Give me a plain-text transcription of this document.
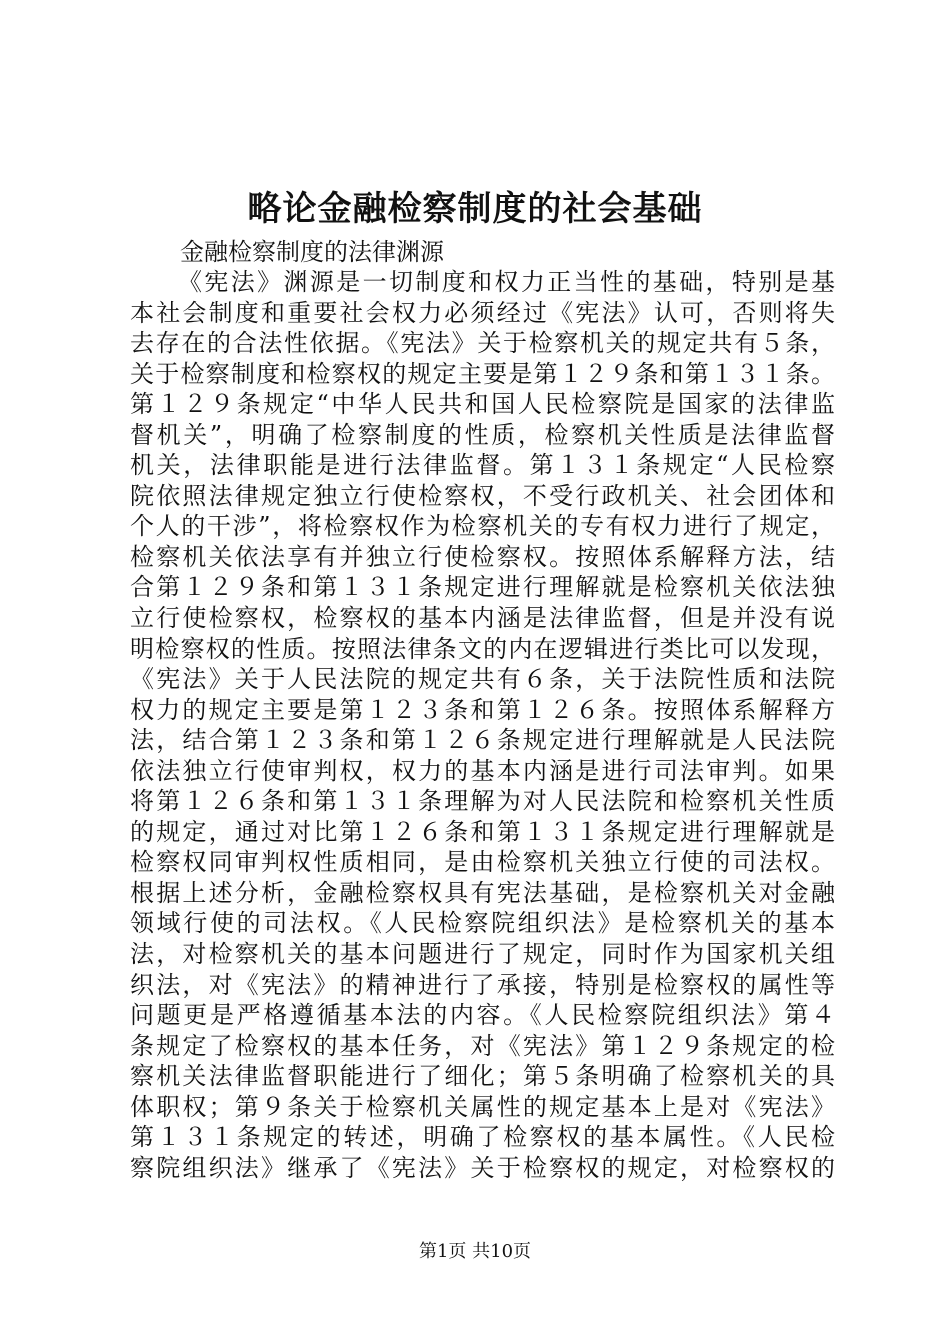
略论金融检察制度的社会基础
金融检察制度的法律渊源
《宪法》渊源是一切制度和权力正当性的基础，特别是基
本社会制度和重要社会权力必须经过《宪法》认可，否则将失
去存在的合法性依据。《宪法》关于检察机关的规定共有５条，
关于检察制度和检察权的规定主要是第１２９条和第１３１条。
第１２９条规定“中华人民共和国人民检察院是国家的法律监
督机关”，明确了检察制度的性质，检察机关性质是法律监督
机关，法律职能是进行法律监督。第１３１条规定“人民检察
院依照法律规定独立行使检察权，不受行政机关、社会团体和
个人的干涉”，将检察权作为检察机关的专有权力进行了规定，
检察机关依法享有并独立行使检察权。按照体系解释方法，结
合第１２９条和第１３１条规定进行理解就是检察机关依法独
立行使检察权，检察权的基本内涵是法律监督，但是并没有说
明检察权的性质。按照法律条文的内在逻辑进行类比可以发现，
《宪法》关于人民法院的规定共有６条，关于法院性质和法院
权力的规定主要是第１２３条和第１２６条。按照体系解释方
法，结合第１２３条和第１２６条规定进行理解就是人民法院
依法独立行使审判权，权力的基本内涵是进行司法审判。如果
将第１２６条和第１３１条理解为对人民法院和检察机关性质
的规定，通过对比第１２６条和第１３１条规定进行理解就是
检察权同审判权性质相同，是由检察机关独立行使的司法权。
根据上述分析，金融检察权具有宪法基础，是检察机关对金融
领域行使的司法权。《人民检察院组织法》是检察机关的基本
法，对检察机关的基本问题进行了规定，同时作为国家机关组
织法，对《宪法》的精神进行了承接，特别是检察权的属性等
问题更是严格遵循基本法的内容。《人民检察院组织法》第４
条规定了检察权的基本任务，对《宪法》第１２９条规定的检
察机关法律监督职能进行了细化；第５条明确了检察机关的具
体职权；第９条关于检察机关属性的规定基本上是对《宪法》
第１３１条规定的转述，明确了检察权的基本属性。《人民检
察院组织法》继承了《宪法》关于检察权的规定，对检察权的
第1页 共10页
